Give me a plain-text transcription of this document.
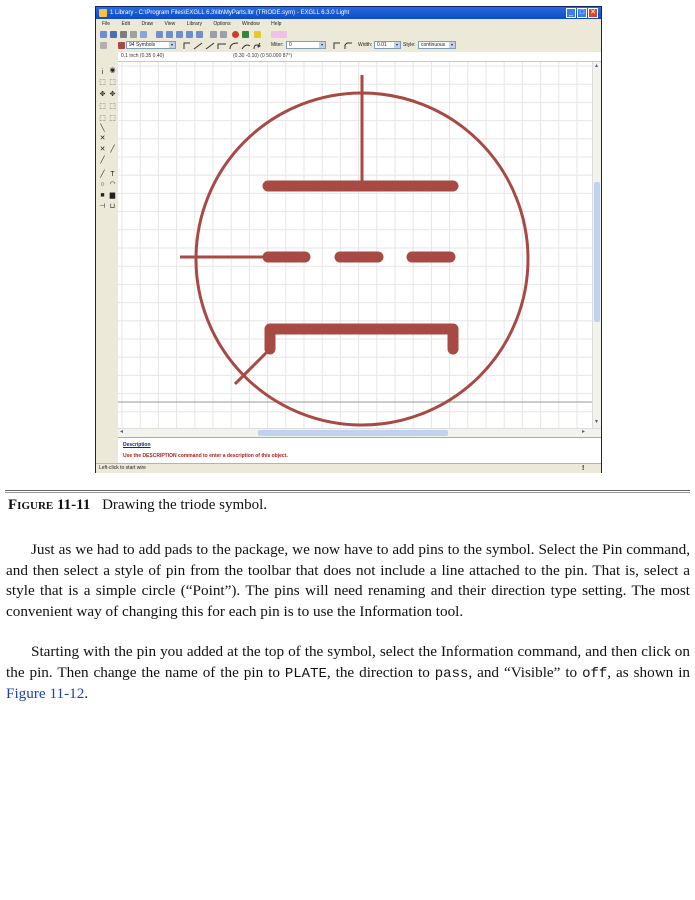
1 Library - C:\Program Files\EXGLL 6.3\lib\MyParts.lbr (TRIODE.sym) - EXGLL 6.3.0 Light	_ □ ✕
File Edit Draw View Library Options Window Help
94 Symbols	▾	Miter:	0	▾	Width: 0.01	▾	Style:	continuous	▾
0.1 inch (0.35 0.40)	(0.30 -0.10) (0 50.000 87°)
i ◉
⬚ ⬚
✥ ✥
⬚ ⬚
⬚ ⬚
╲
✕
✕ ╱
╱
╱ T
○ ◠
■ ▆
⊣ ⊔
▴
▾
◂	▸
Description
Use the DESCRIPTION command to enter a description of this object.
Left-click to start wire	!
Figure 11-11 Drawing the triode symbol.

Just as we had to add pads to the package, we now have to add pins to the symbol. Select the Pin command, and then select a style of pin from the toolbar that does not include a line attached to the pin. That is, select a style that is a simple circle (“Point”). The pins will need renaming and their direction type setting. The most convenient way of changing this for each pin is to use the Information tool.

Starting with the pin you added at the top of the symbol, select the Information command, and then click on the pin. Then change the name of the pin to PLATE, the direction to pass, and “Visible” to off, as shown in Figure 11-12.
